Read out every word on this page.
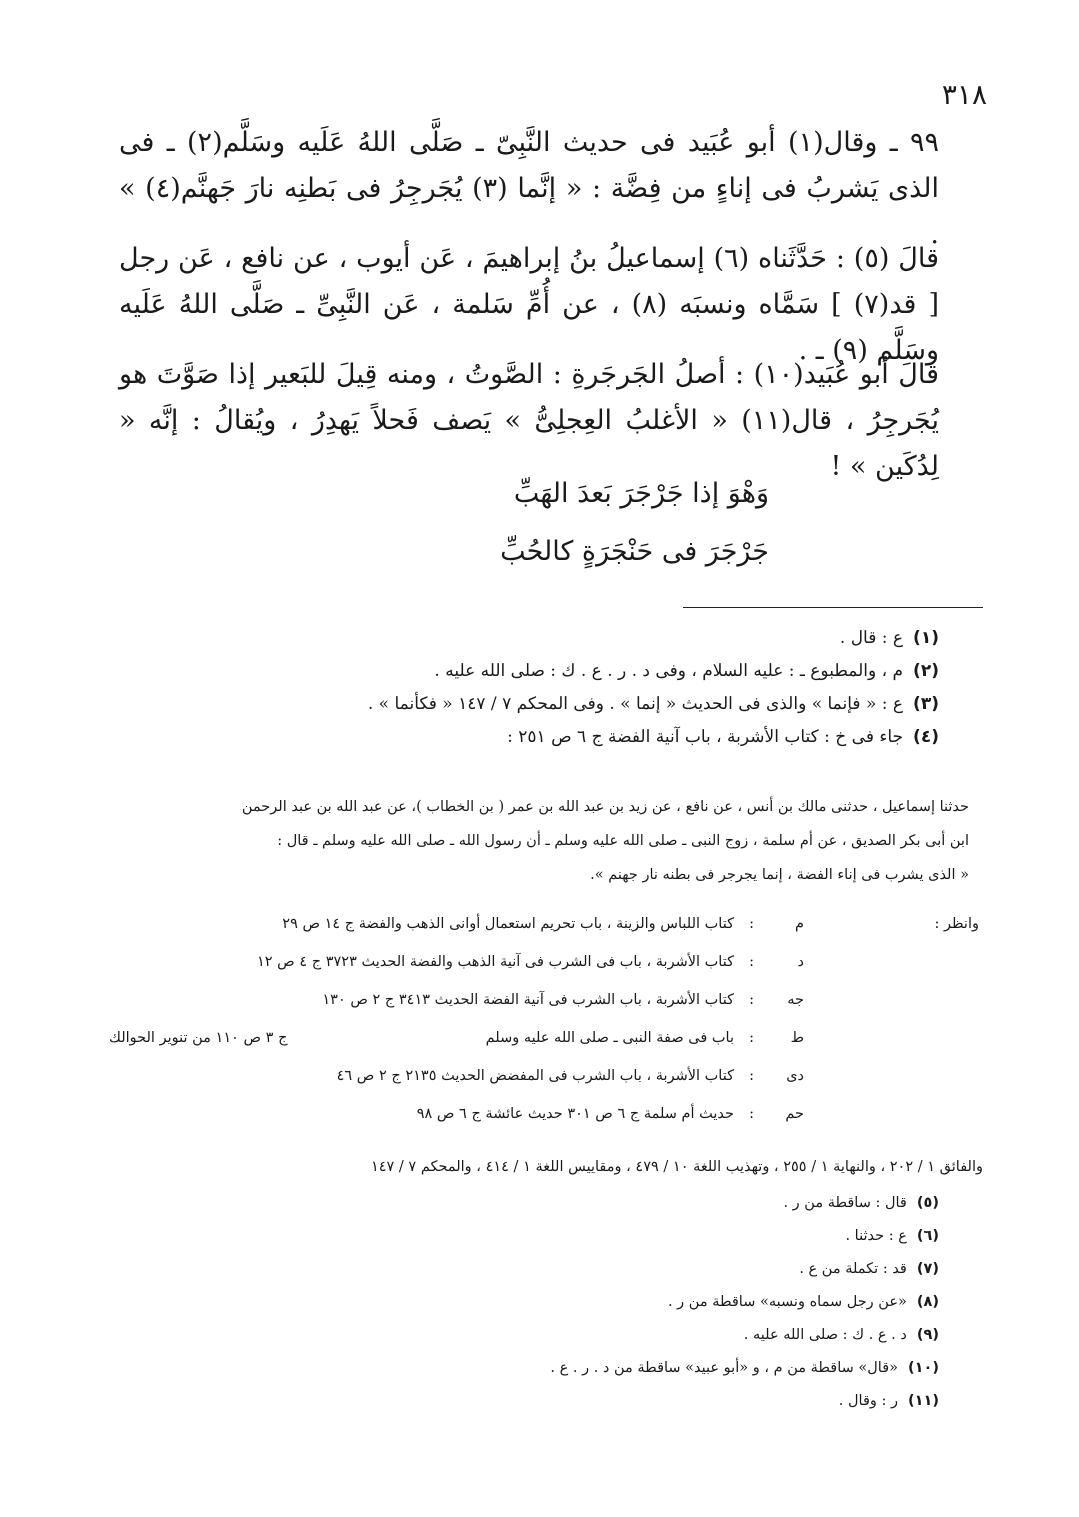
٣١٨

٩٩ ـ وقال(١) أبو عُبَيد فى حديث النَّبِىّ ـ صَلَّى اللهُ عَلَيه وسَلَّم(٢) ـ فى الذى يَشربُ فى إناءٍ من فِضَّة : « إنَّما (٣) يُجَرجِرُ فى بَطنِه نارَ جَهنَّم(٤) » .

قالَ (٥) : حَدَّثَناه (٦) إسماعيلُ بنُ إبراهيمَ ، عَن أيوب ، عن نافع ، عَن رجل [ قد(٧) ] سَمَّاه ونسبَه (٨) ، عن أُمِّ سَلمة ، عَن النَّبِىِّ ـ صَلَّى اللهُ عَلَيه وسَلَّم (٩) ـ .

قالَ أبو عُبَيد(١٠) : أصلُ الجَرجَرةِ : الصَّوتُ ، ومنه قِيلَ للبَعير إذا صَوَّتَ هو يُجَرجِرُ ، قال(١١) « الأغلبُ العِجلِىُّ » يَصف فَحلاً يَهدِرُ ، ويُقالُ : إنَّه « لِدُكَين » !

وَهْوَ إذا جَرْجَرَ بَعدَ الهَبِّ
جَرْجَرَ فى حَنْجَرَةٍ كالحُبِّ
(١)ع : قال .
(٢)م ، والمطبوع ـ : عليه السلام ، وفى د . ر . ع . ك : صلى الله عليه .
(٣)ع : « فإنما » والذى فى الحديث « إنما » . وفى المحكم ٧ / ١٤٧ « فكأنما » .
(٤)جاء فى خ : كتاب الأشربة ، باب آنية الفضة ج ٦ ص ٢٥١ :
حدثنا إسماعيل ، حدثنى مالك بن أنس ، عن نافع ، عن زيد بن عبد الله بن عمر ( بن الخطاب )، عن عبد الله بن عبد الرحمن
ابن أبى بكر الصديق ، عن أم سلمة ، زوج النبى ـ صلى الله عليه وسلم ـ أن رسول الله ـ صلى الله عليه وسلم ـ قال :
« الذى يشرب فى إناء الفضة ، إنما يجرجر فى بطنه نار جهنم ».
وانظر :
م
:
كتاب اللباس والزينة ، باب تحريم استعمال أوانى الذهب والفضة ج ١٤ ص ٢٩
د
:
كتاب الأشربة ، باب فى الشرب فى آنية الذهب والفضة الحديث ٣٧٢٣ ج ٤ ص ١٢
جه
:
كتاب الأشربة ، باب الشرب فى آنية الفضة الحديث ٣٤١٣ ج ٢ ص ١٣٠
ط
:
باب فى صفة النبى ـ صلى الله عليه وسلم
ج ٣ ص ١١٠ من تنوير الحوالك
دى
:
كتاب الأشربة ، باب الشرب فى المفضض الحديث ٢١٣٥ ج ٢ ص ٤٦
حم
:
حديث أم سلمة ج ٦ ص ٣٠١ حديث عائشة ج ٦ ص ٩٨
والفائق ١ / ٢٠٢ ، والنهاية ١ / ٢٥٥ ، وتهذيب اللغة ١٠ / ٤٧٩ ، ومقاييس اللغة ١ / ٤١٤ ، والمحكم ٧ / ١٤٧
(٥)قال : ساقطة من ر .
(٦)ع : حدثنا .
(٧)قد : تكملة من ع .
(٨)«عن رجل سماه ونسبه» ساقطة من ر .
(٩)د . ع . ك : صلى الله عليه .
(١٠)«قال» ساقطة من م ، و «أبو عبيد» ساقطة من د . ر . ع .
(١١)ر : وقال .
